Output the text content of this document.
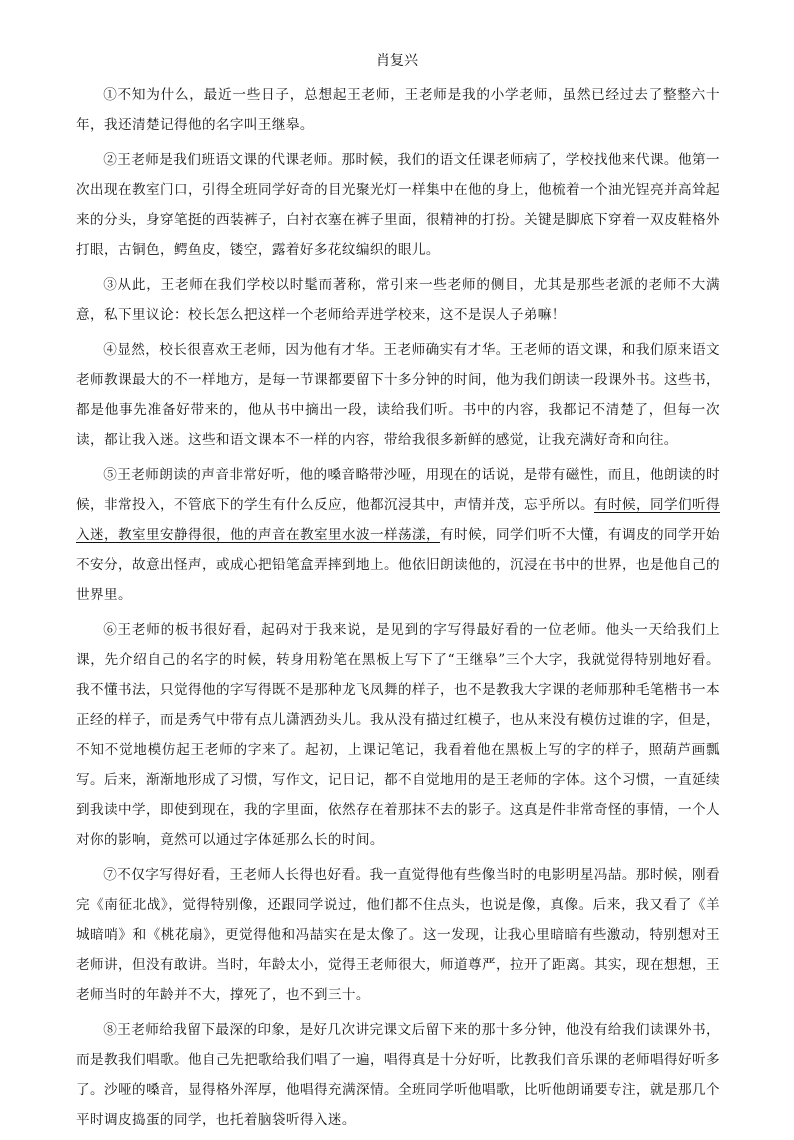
肖复兴

①不知为什么，最近一些日子，总想起王老师，王老师是我的小学老师，虽然已经过去了整整六十年，我还清楚记得他的名字叫王继皋。

②王老师是我们班语文课的代课老师。那时候，我们的语文任课老师病了，学校找他来代课。他第一次出现在教室门口，引得全班同学好奇的目光聚光灯一样集中在他的身上，他梳着一个油光锃亮并高耸起来的分头，身穿笔挺的西装裤子，白衬衣塞在裤子里面，很精神的打扮。关键是脚底下穿着一双皮鞋格外打眼，古铜色，鳄鱼皮，镂空，露着好多花纹编织的眼儿。

③从此，王老师在我们学校以时髦而著称，常引来一些老师的侧目，尤其是那些老派的老师不大满意，私下里议论：校长怎么把这样一个老师给弄进学校来，这不是误人子弟嘛！

④显然，校长很喜欢王老师，因为他有才华。王老师确实有才华。王老师的语文课，和我们原来语文老师教课最大的不一样地方，是每一节课都要留下十多分钟的时间，他为我们朗读一段课外书。这些书，都是他事先准备好带来的，他从书中摘出一段，读给我们听。书中的内容，我都记不清楚了，但每一次读，都让我入迷。这些和语文课本不一样的内容，带给我很多新鲜的感觉，让我充满好奇和向往。

⑤王老师朗读的声音非常好听，他的嗓音略带沙哑，用现在的话说，是带有磁性，而且，他朗读的时候，非常投入，不管底下的学生有什么反应，他都沉浸其中，声情并茂，忘乎所以。有时候，同学们听得入迷，教室里安静得很，他的声音在教室里水波一样荡漾，有时候，同学们听不大懂，有调皮的同学开始不安分，故意出怪声，或成心把铅笔盒弄摔到地上。他依旧朗读他的，沉浸在书中的世界，也是他自己的世界里。

⑥王老师的板书很好看，起码对于我来说，是见到的字写得最好看的一位老师。他头一天给我们上课，先介绍自己的名字的时候，转身用粉笔在黑板上写下了“王继皋”三个大字，我就觉得特别地好看。我不懂书法，只觉得他的字写得既不是那种龙飞凤舞的样子，也不是教我大字课的老师那种毛笔楷书一本正经的样子，而是秀气中带有点儿潇洒劲头儿。我从没有描过红模子，也从来没有模仿过谁的字，但是，不知不觉地模仿起王老师的字来了。起初，上课记笔记，我看着他在黑板上写的字的样子，照葫芦画瓢写。后来，渐渐地形成了习惯，写作文，记日记，都不自觉地用的是王老师的字体。这个习惯，一直延续到我读中学，即使到现在，我的字里面，依然存在着那抹不去的影子。这真是件非常奇怪的事情，一个人对你的影响，竟然可以通过字体延那么长的时间。

⑦不仅字写得好看，王老师人长得也好看。我一直觉得他有些像当时的电影明星冯喆。那时候，刚看完《南征北战》，觉得特别像，还跟同学说过，他们都不住点头，也说是像，真像。后来，我又看了《羊城暗哨》和《桃花扇》，更觉得他和冯喆实在是太像了。这一发现，让我心里暗暗有些激动，特别想对王老师讲，但没有敢讲。当时，年龄太小，觉得王老师很大，师道尊严，拉开了距离。其实，现在想想，王老师当时的年龄并不大，撑死了，也不到三十。

⑧王老师给我留下最深的印象，是好几次讲完课文后留下来的那十多分钟，他没有给我们读课外书，而是教我们唱歌。他自己先把歌给我们唱了一遍，唱得真是十分好听，比教我们音乐课的老师唱得好听多了。沙哑的嗓音，显得格外浑厚，他唱得充满深情。全班同学听他唱歌，比听他朗诵要专注，就是那几个平时调皮捣蛋的同学，也托着脑袋听得入迷。
